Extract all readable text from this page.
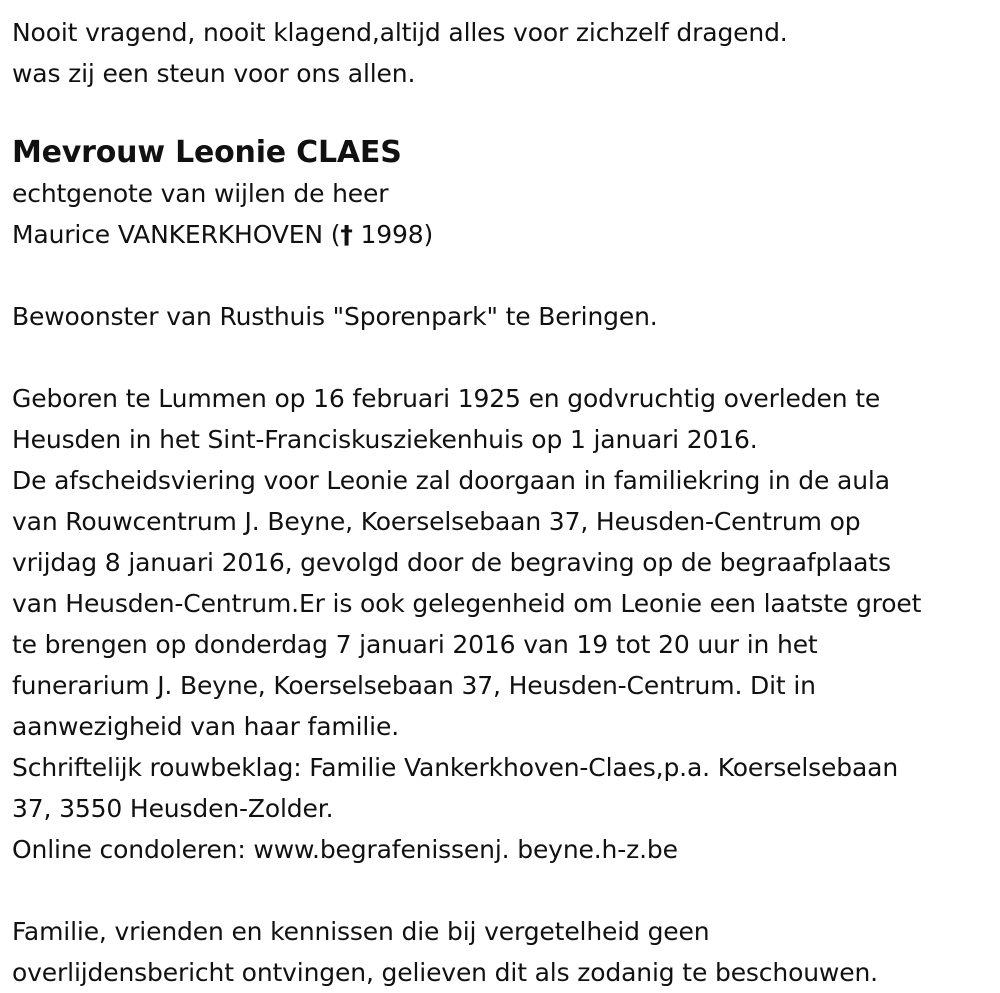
Nooit vragend, nooit klagend,altijd alles voor zichzelf dragend.
was zij een steun voor ons allen.
Mevrouw Leonie CLAES
echtgenote van wijlen de heer
Maurice VANKERKHOVEN († 1998)
Bewoonster van Rusthuis "Sporenpark" te Beringen.
Geboren te Lummen op 16 februari 1925 en godvruchtig overleden te
Heusden in het Sint-Franciskusziekenhuis op 1 januari 2016.
De afscheidsviering voor Leonie zal doorgaan in familiekring in de aula
van Rouwcentrum J. Beyne, Koerselsebaan 37, Heusden-Centrum op
vrijdag 8 januari 2016, gevolgd door de begraving op de begraafplaats
van Heusden-Centrum.Er is ook gelegenheid om Leonie een laatste groet
te brengen op donderdag 7 januari 2016 van 19 tot 20 uur in het
funerarium J. Beyne, Koerselsebaan 37, Heusden-Centrum. Dit in
aanwezigheid van haar familie.
Schriftelijk rouwbeklag: Familie Vankerkhoven-Claes,p.a. Koerselsebaan
37, 3550 Heusden-Zolder.
Online condoleren: www.begrafenissenj. beyne.h-z.be
Familie, vrienden en kennissen die bij vergetelheid geen
overlijdensbericht ontvingen, gelieven dit als zodanig te beschouwen.
